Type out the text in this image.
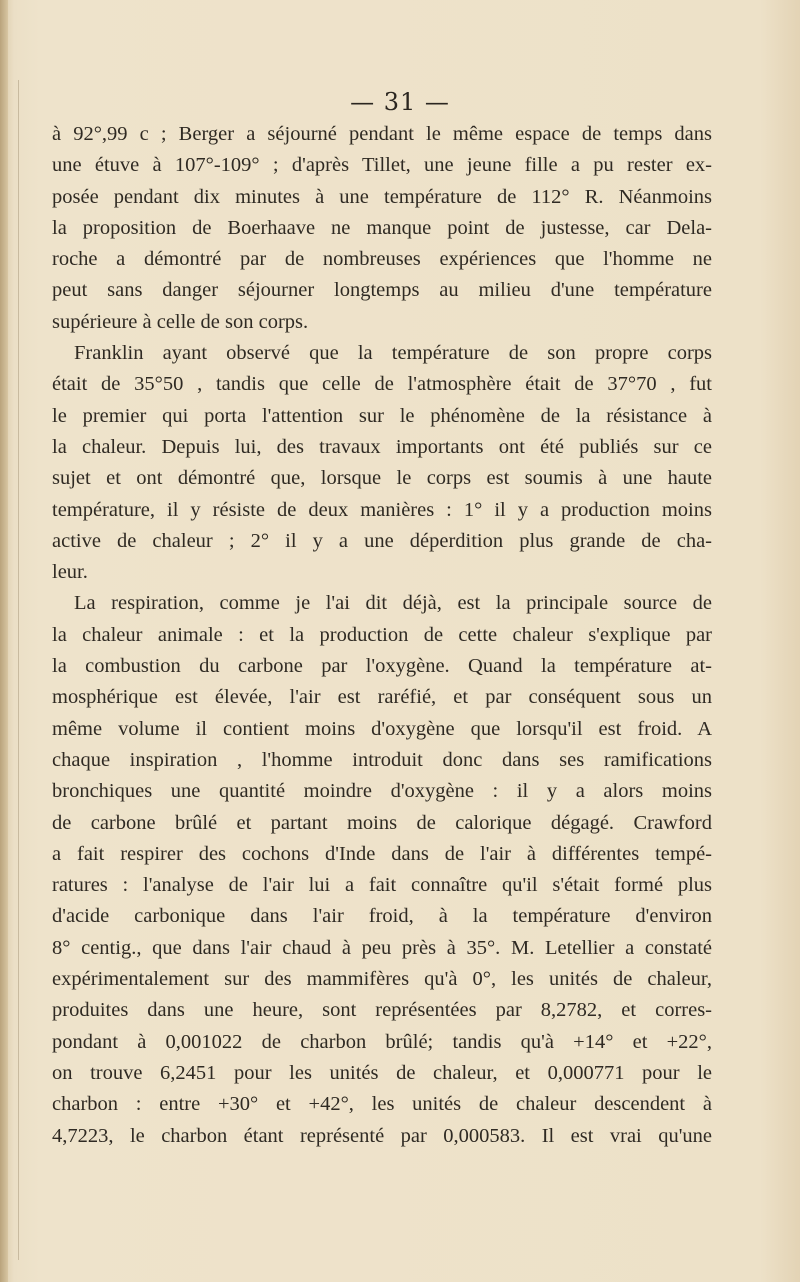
— 31 —
à 92°,99 c ; Berger a séjourné pendant le même espace de temps dans
une étuve à 107°-109° ; d'après Tillet, une jeune fille a pu rester ex-
posée pendant dix minutes à une température de 112° R. Néanmoins
la proposition de Boerhaave ne manque point de justesse, car Dela-
roche a démontré par de nombreuses expériences que l'homme ne
peut sans danger séjourner longtemps au milieu d'une température
supérieure à celle de son corps.
Franklin ayant observé que la température de son propre corps
était de 35°50 , tandis que celle de l'atmosphère était de 37°70 , fut
le premier qui porta l'attention sur le phénomène de la résistance à
la chaleur. Depuis lui, des travaux importants ont été publiés sur ce
sujet et ont démontré que, lorsque le corps est soumis à une haute
température, il y résiste de deux manières : 1° il y a production moins
active de chaleur ; 2° il y a une déperdition plus grande de cha-
leur.
La respiration, comme je l'ai dit déjà, est la principale source de
la chaleur animale : et la production de cette chaleur s'explique par
la combustion du carbone par l'oxygène. Quand la température at-
mosphérique est élevée, l'air est raréfié, et par conséquent sous un
même volume il contient moins d'oxygène que lorsqu'il est froid. A
chaque inspiration , l'homme introduit donc dans ses ramifications
bronchiques une quantité moindre d'oxygène : il y a alors moins
de carbone brûlé et partant moins de calorique dégagé. Crawford
a fait respirer des cochons d'Inde dans de l'air à différentes tempé-
ratures : l'analyse de l'air lui a fait connaître qu'il s'était formé plus
d'acide carbonique dans l'air froid, à la température d'environ
8° centig., que dans l'air chaud à peu près à 35°. M. Letellier a constaté
expérimentalement sur des mammifères qu'à 0°, les unités de chaleur,
produites dans une heure, sont représentées par 8,2782, et corres-
pondant à 0,001022 de charbon brûlé; tandis qu'à +14° et +22°,
on trouve 6,2451 pour les unités de chaleur, et 0,000771 pour le
charbon : entre +30° et +42°, les unités de chaleur descendent à
4,7223, le charbon étant représenté par 0,000583. Il est vrai qu'une
